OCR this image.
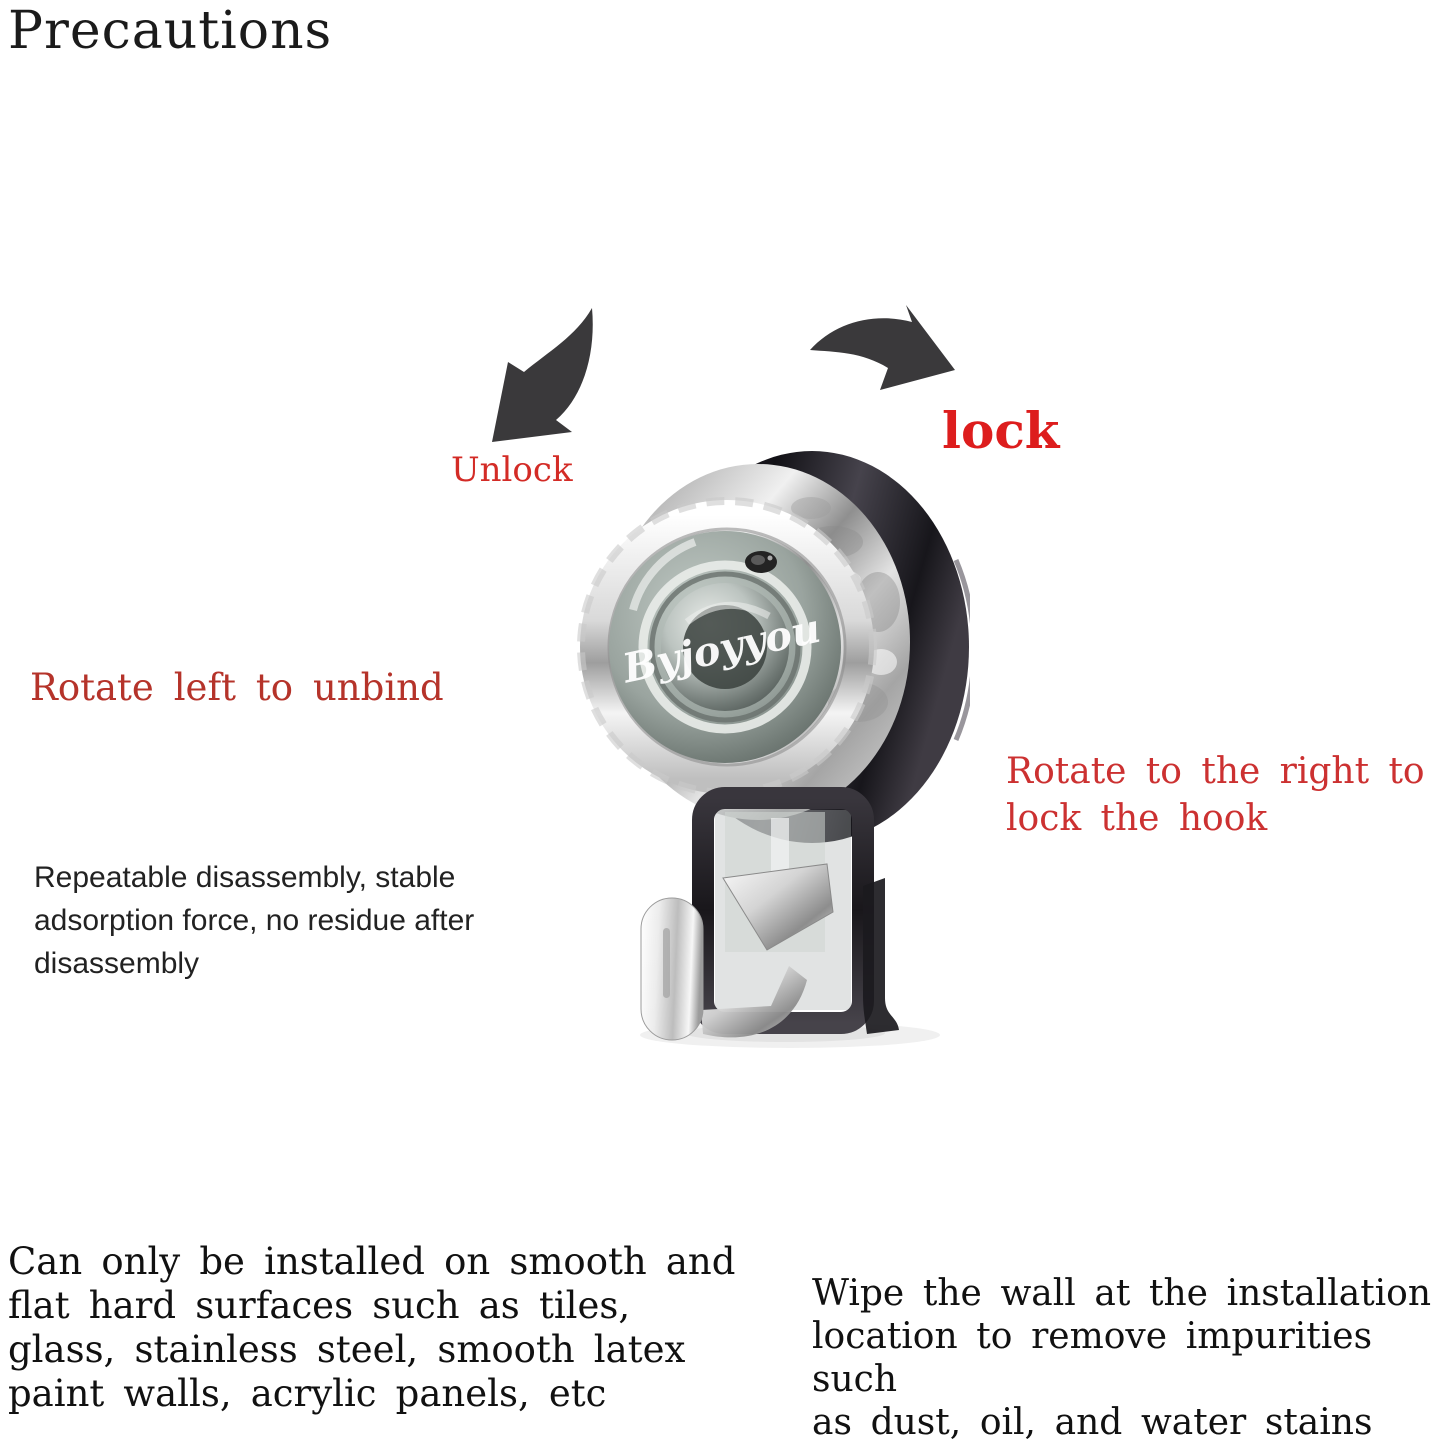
Precautions
Unlock
lock
Rotate left to unbind
Rotate to the right to
lock the hook
Repeatable disassembly, stable
adsorption force, no residue after
disassembly
Byjoyyou
Can only be installed on smooth and
flat hard surfaces such as tiles,
glass, stainless steel, smooth latex
paint walls, acrylic panels, etc
Wipe the wall at the installation
location to remove impurities such
as dust, oil, and water stains
